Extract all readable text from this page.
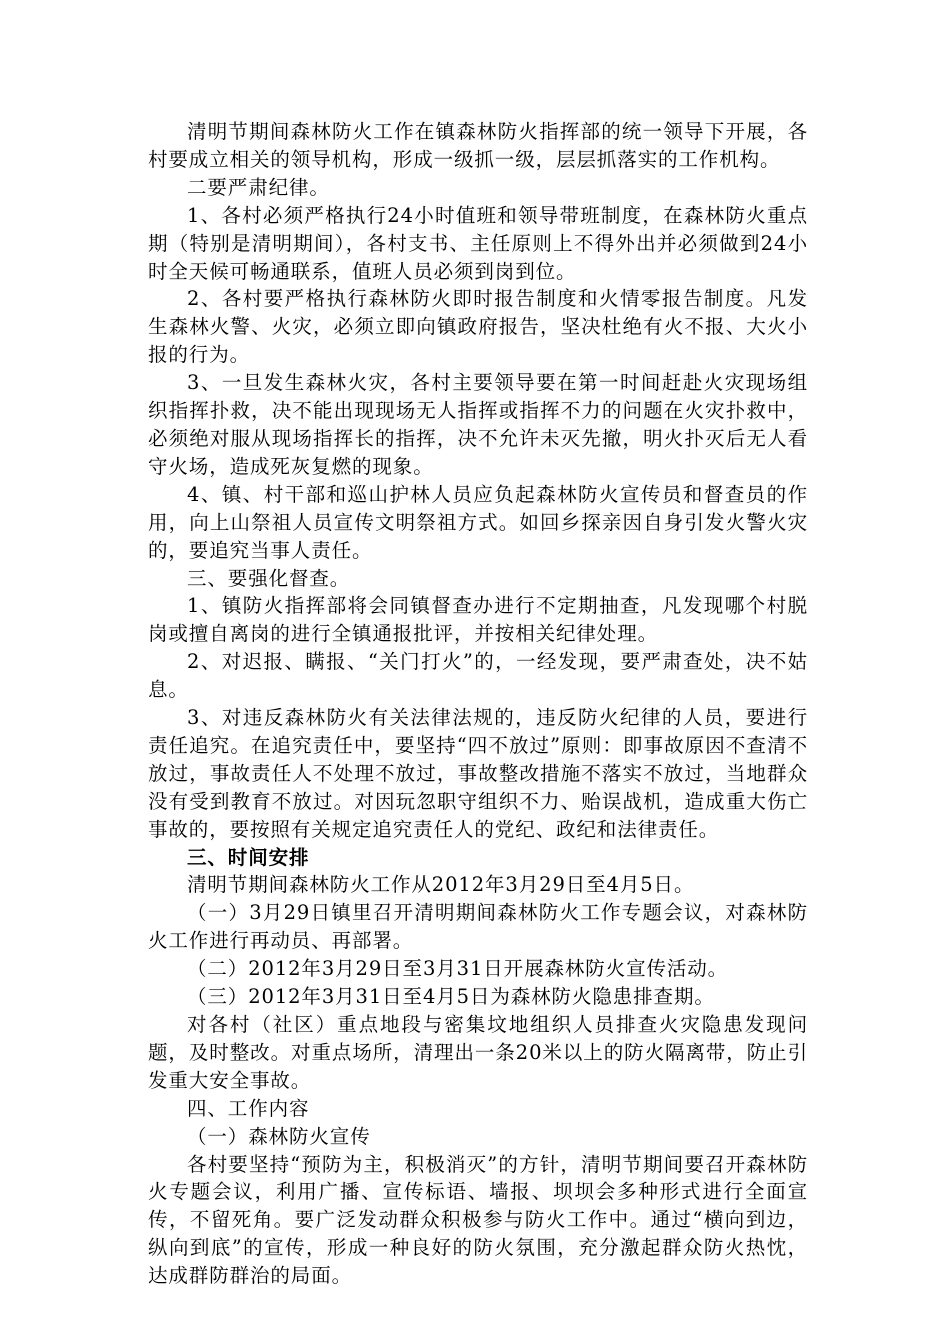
清明节期间森林防火工作在镇森林防火指挥部的统一领导下开展，各村要成立相关的领导机构，形成一级抓一级，层层抓落实的工作机构。

二要严肃纪律。

1、各村必须严格执行24小时值班和领导带班制度，在森林防火重点期（特别是清明期间），各村支书、主任原则上不得外出并必须做到24小时全天候可畅通联系，值班人员必须到岗到位。

2、各村要严格执行森林防火即时报告制度和火情零报告制度。凡发生森林火警、火灾，必须立即向镇政府报告，坚决杜绝有火不报、大火小报的行为。

3、一旦发生森林火灾，各村主要领导要在第一时间赶赴火灾现场组织指挥扑救，决不能出现现场无人指挥或指挥不力的问题在火灾扑救中，必须绝对服从现场指挥长的指挥，决不允许未灭先撤，明火扑灭后无人看守火场，造成死灰复燃的现象。

4、镇、村干部和巡山护林人员应负起森林防火宣传员和督查员的作用，向上山祭祖人员宣传文明祭祖方式。如回乡探亲因自身引发火警火灾的，要追究当事人责任。

三、要强化督查。

1、镇防火指挥部将会同镇督查办进行不定期抽查，凡发现哪个村脱岗或擅自离岗的进行全镇通报批评，并按相关纪律处理。

2、对迟报、瞒报、“关门打火”的，一经发现，要严肃查处，决不姑息。

3、对违反森林防火有关法律法规的，违反防火纪律的人员，要进行责任追究。在追究责任中，要坚持“四不放过”原则：即事故原因不查清不放过，事故责任人不处理不放过，事故整改措施不落实不放过，当地群众没有受到教育不放过。对因玩忽职守组织不力、贻误战机，造成重大伤亡事故的，要按照有关规定追究责任人的党纪、政纪和法律责任。

三、时间安排

清明节期间森林防火工作从2012年3月29日至4月5日。

（一）3月29日镇里召开清明期间森林防火工作专题会议，对森林防火工作进行再动员、再部署。

（二）2012年3月29日至3月31日开展森林防火宣传活动。

（三）2012年3月31日至4月5日为森林防火隐患排查期。

对各村（社区）重点地段与密集坟地组织人员排查火灾隐患发现问题，及时整改。对重点场所，清理出一条20米以上的防火隔离带，防止引发重大安全事故。

四、工作内容

（一）森林防火宣传

各村要坚持“预防为主，积极消灭”的方针，清明节期间要召开森林防火专题会议，利用广播、宣传标语、墙报、坝坝会多种形式进行全面宣传，不留死角。要广泛发动群众积极参与防火工作中。通过“横向到边，纵向到底”的宣传，形成一种良好的防火氛围，充分激起群众防火热忱，达成群防群治的局面。
